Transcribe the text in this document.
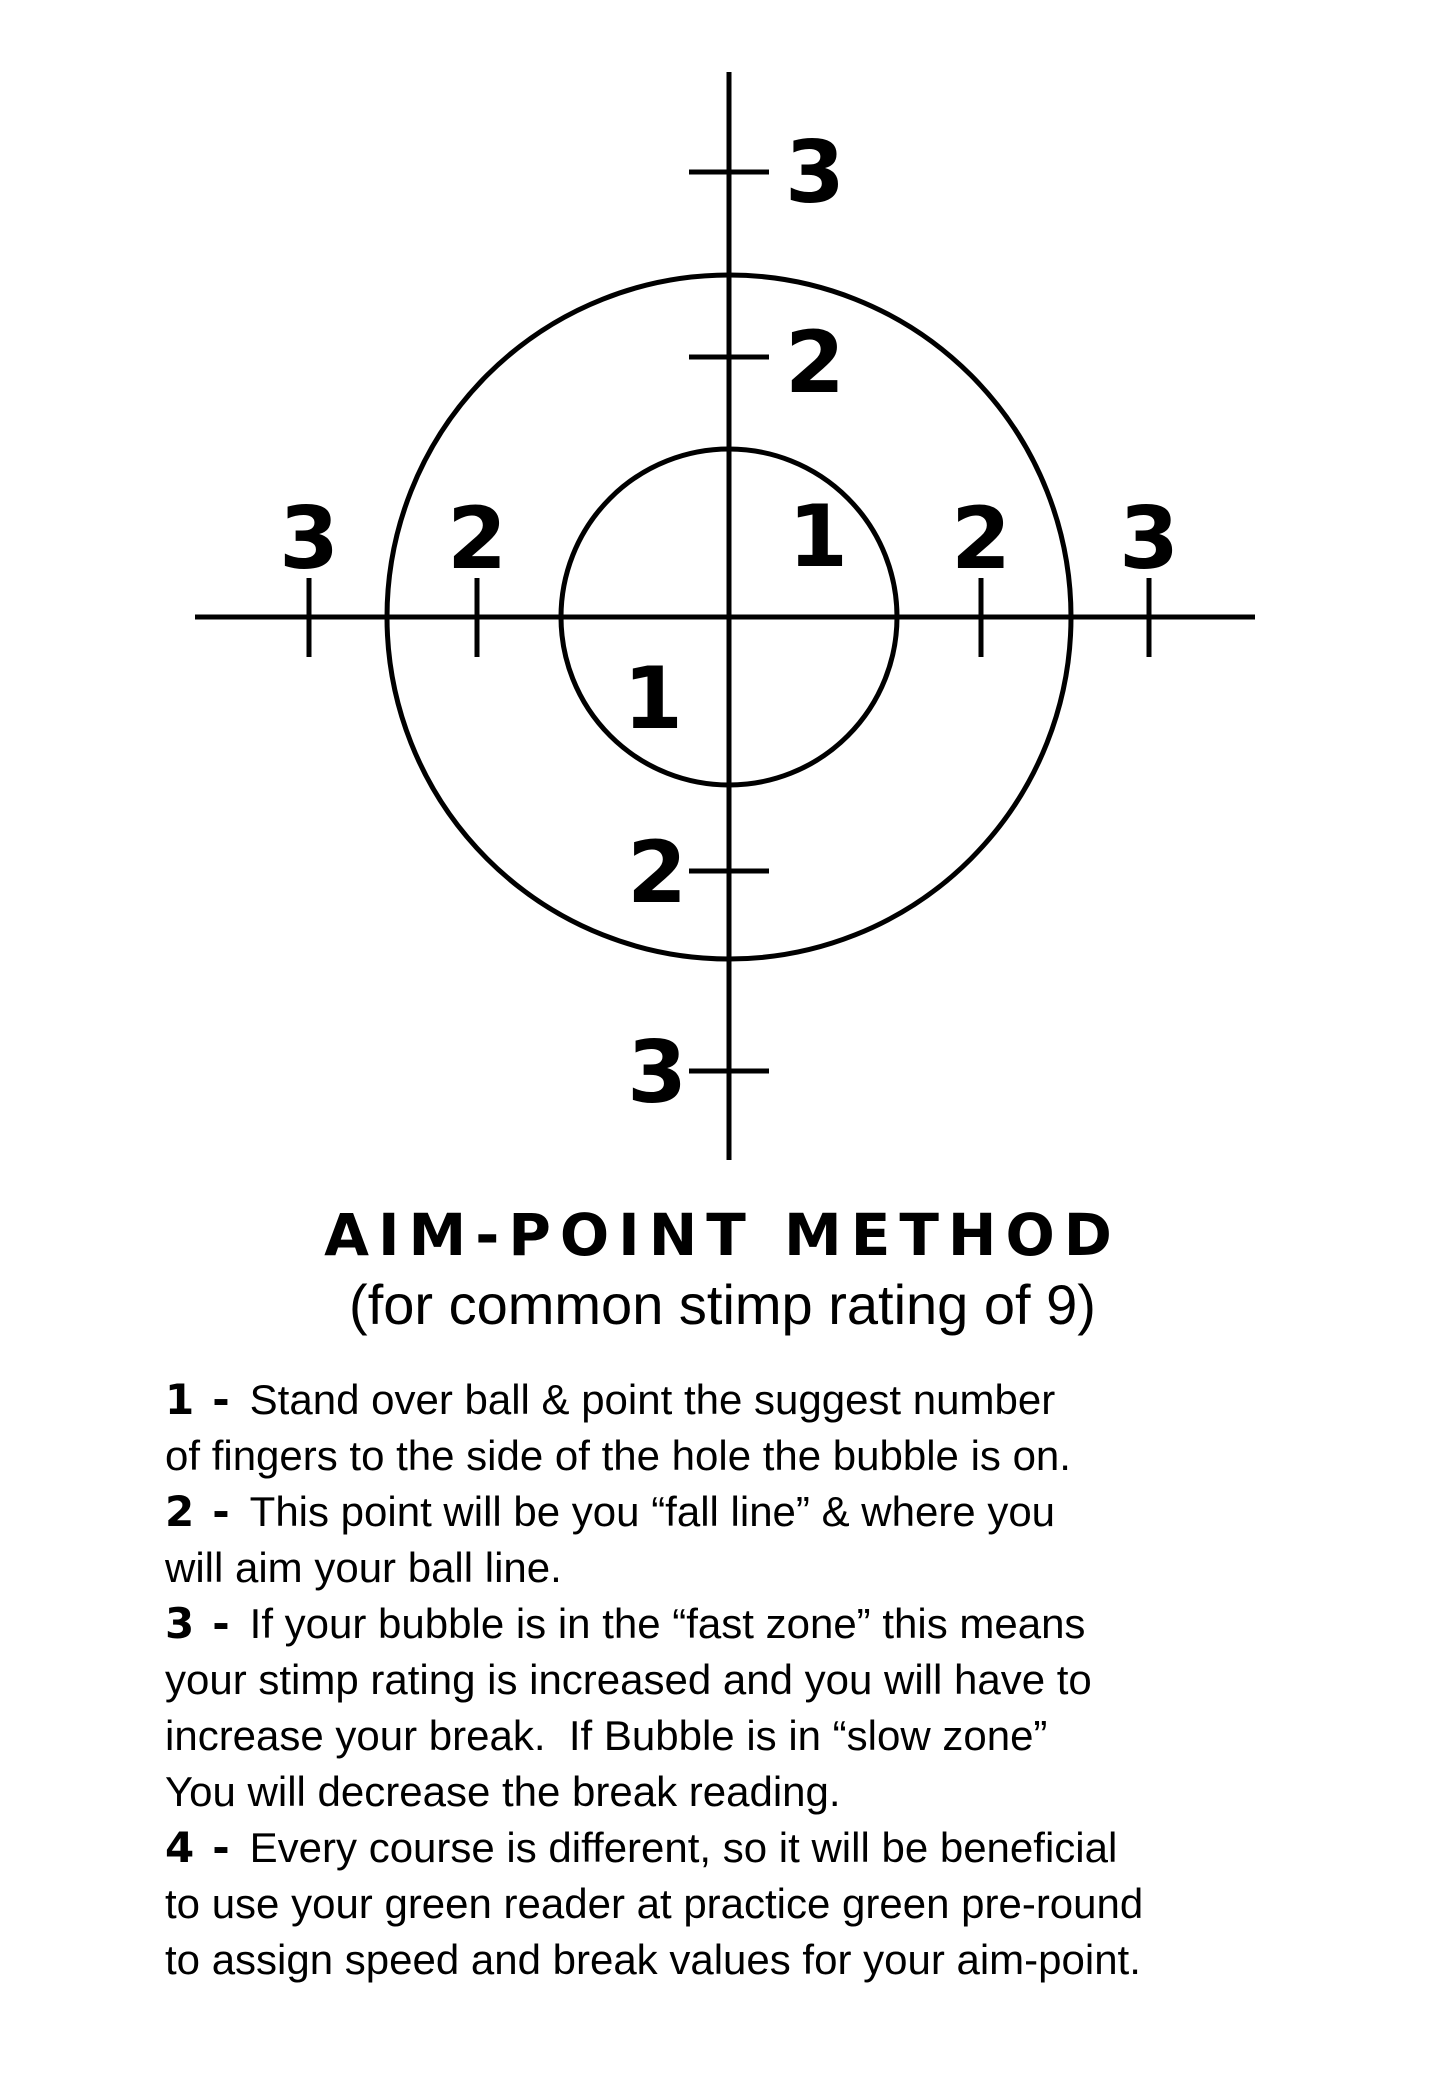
3
2
3 2	1 2 3
1
2
3
AIM-POINT METHOD

(for common stimp rating of 9)

1 - Stand over ball & point the suggest number
of fingers to the side of the hole the bubble is on.
2 - This point will be you “fall line” & where you
will aim your ball line.
3 - If your bubble is in the “fast zone” this means
your stimp rating is increased and you will have to
increase your break.  If Bubble is in “slow zone”
You will decrease the break reading.
4 - Every course is different, so it will be beneficial
to use your green reader at practice green pre-round
to assign speed and break values for your aim-point.
